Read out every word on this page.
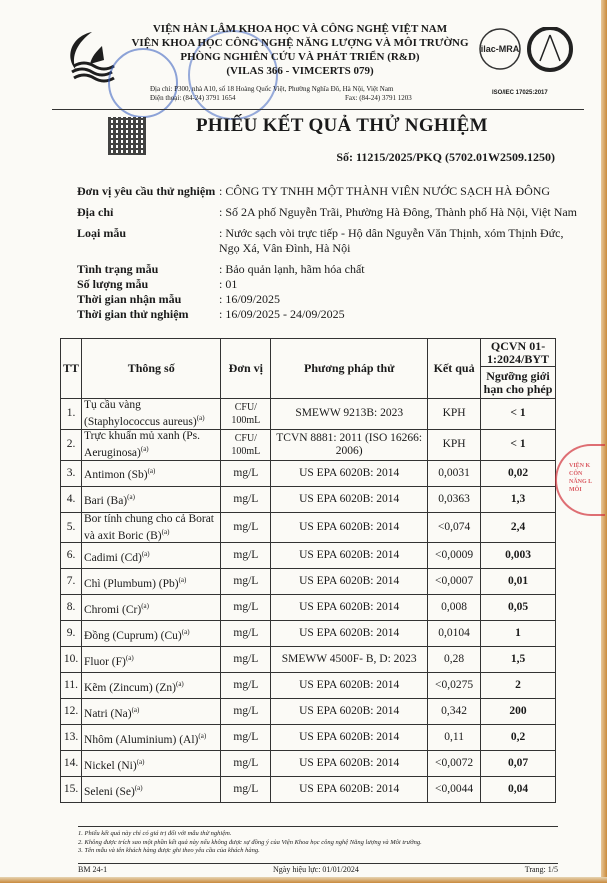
VIỆN HÀN LÂM KHOA HỌC VÀ CÔNG NGHỆ VIỆT NAM
VIỆN KHOA HỌC CÔNG NGHỆ NĂNG LƯỢNG VÀ MÔI TRƯỜNG
PHÒNG NGHIÊN CỨU VÀ PHÁT TRIỂN (R&D)
(VILAS 366 - VIMCERTS 079)
Địa chỉ: P300, nhà A10, số 18 Hoàng Quốc Việt, Phường Nghĩa Đô, Hà Nội, Việt Nam
Điện thoại: (84-24) 3791 1654	Fax: (84-24) 3791 1203
ilac-MRA
ISO/IEC 17025:2017
PHIẾU KẾT QUẢ THỬ NGHIỆM
Số: 11215/2025/PKQ (5702.01W2509.1250)
Đơn vị yêu cầu thử nghiệm : CÔNG TY TNHH MỘT THÀNH VIÊN NƯỚC SẠCH HÀ ĐÔNG
Địa chỉ	: Số 2A phố Nguyễn Trãi, Phường Hà Đông, Thành phố Hà Nội, Việt Nam
Loại mẫu	: Nước sạch vòi trực tiếp - Hộ dân Nguyễn Văn Thịnh, xóm Thịnh Đức, Ngọ Xá, Vân Đình, Hà Nội
Tình trạng mẫu	: Bảo quản lạnh, hãm hóa chất
Số lượng mẫu	: 01
Thời gian nhận mẫu	: 16/09/2025
Thời gian thử nghiệm	: 16/09/2025 - 24/09/2025
TT	Thông số	Đơn vị	Phương pháp thử	Kết quả	QCVN 01-1:2024/BYT
					Ngưỡng giới hạn cho phép
1.	Tụ cầu vàng (Staphylococcus aureus)$^{(a)}$	CFU/ 100mL	SMEWW 9213B: 2023	KPH	< 1
2.	Trực khuẩn mủ xanh (Ps. Aeruginosa)$^{(a)}$	CFU/ 100mL	TCVN 8881: 2011 (ISO 16266: 2006)	KPH	< 1
3.	Antimon $(Sb)^{(a)}$	mg/L	US EPA 6020B: 2014	0,0031	0,02
4.	Bari $(Ba)^{(a)}$	mg/L	US EPA 6020B: 2014	0,0363	1,3
5.	Bor tính chung cho cả Borat và axit Boric $(B)^{(a)}$	mg/L	US EPA 6020B: 2014	<0,074	2,4
6.	Cadimi $(Cd)^{(a)}$	mg/L	US EPA 6020B: 2014	<0,0009	0,003
7.	Chì (Plumbum) $(Pb)^{(a)}$	mg/L	US EPA 6020B: 2014	<0,0007	0,01
8.	Chromi $(Cr)^{(a)}$	mg/L	US EPA 6020B: 2014	0,008	0,05
9.	Đồng (Cuprum) $(Cu)^{(a)}$	mg/L	US EPA 6020B: 2014	0,0104	1
10.	Fluor $(F)^{(a)}$	mg/L	SMEWW 4500F- B, D: 2023	0,28	1,5
11.	Kẽm (Zincum) $(Zn)^{(a)}$	mg/L	US EPA 6020B: 2014	<0,0275	2
12.	Natri $(Na)^{(a)}$	mg/L	US EPA 6020B: 2014	0,342	200
13.	Nhôm (Aluminium) $(Al)^{(a)}$	mg/L	US EPA 6020B: 2014	0,11	0,2
14.	Nickel $(Ni)^{(a)}$	mg/L	US EPA 6020B: 2014	<0,0072	0,07
15.	Seleni $(Se)^{(a)}$	mg/L	US EPA 6020B: 2014	<0,0044	0,04
VIỆN K
CÔN
NĂNG L
MÔI
1. Phiếu kết quả này chỉ có giá trị đối với mẫu thử nghiệm.
2. Không được trích sao một phần kết quả này nếu không được sự đồng ý của Viện Khoa học công nghệ Năng lượng và Môi trường.
3. Tên mẫu và tên khách hàng được ghi theo yêu cầu của khách hàng.
BM 24-1	Ngày hiệu lực: 01/01/2024	Trang: 1/5
